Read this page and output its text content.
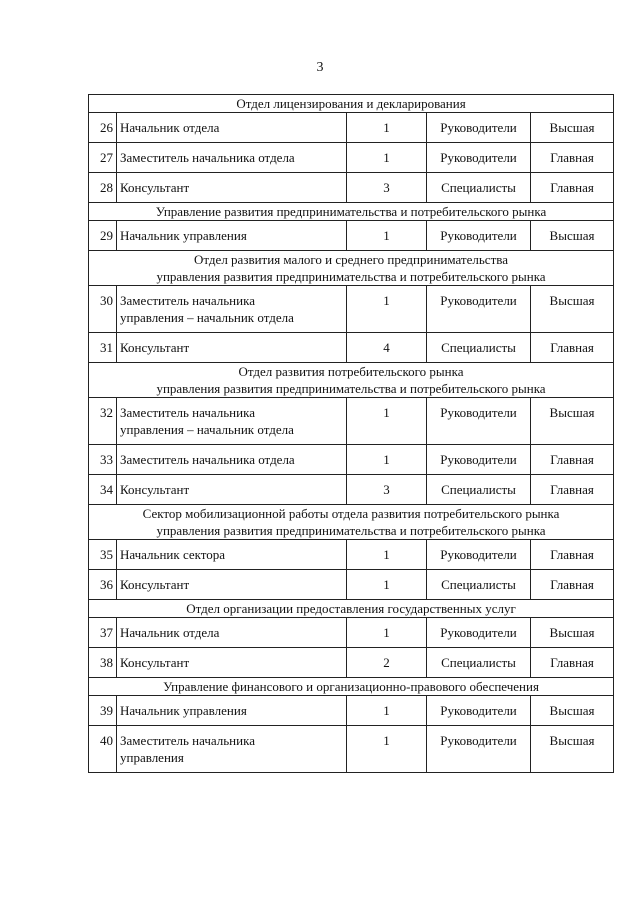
3
Отдел лицензирования и декларирования				
26	Начальник отдела	1	Руководители	Высшая
27	Заместитель начальника отдела	1	Руководители	Главная
28	Консультант	3	Специалисты	Главная
Управление развития предпринимательства и потребительского рынка				
29	Начальник управления	1	Руководители	Высшая
Отдел развития малого и среднего предпринимательства
управления развития предпринимательства и потребительского рынка				
30	Заместитель начальника
управления – начальник отдела	1	Руководители	Высшая
31	Консультант	4	Специалисты	Главная
Отдел развития потребительского рынка
управления развития предпринимательства и потребительского рынка				
32	Заместитель начальника
управления – начальник отдела	1	Руководители	Высшая
33	Заместитель начальника отдела	1	Руководители	Главная
34	Консультант	3	Специалисты	Главная
Сектор мобилизационной работы отдела развития потребительского рынка
управления развития предпринимательства и потребительского рынка				
35	Начальник сектора	1	Руководители	Главная
36	Консультант	1	Специалисты	Главная
Отдел организации предоставления государственных услуг				
37	Начальник отдела	1	Руководители	Высшая
38	Консультант	2	Специалисты	Главная
Управление финансового и организационно-правового обеспечения				
39	Начальник управления	1	Руководители	Высшая
40	Заместитель начальника
управления	1	Руководители	Высшая
